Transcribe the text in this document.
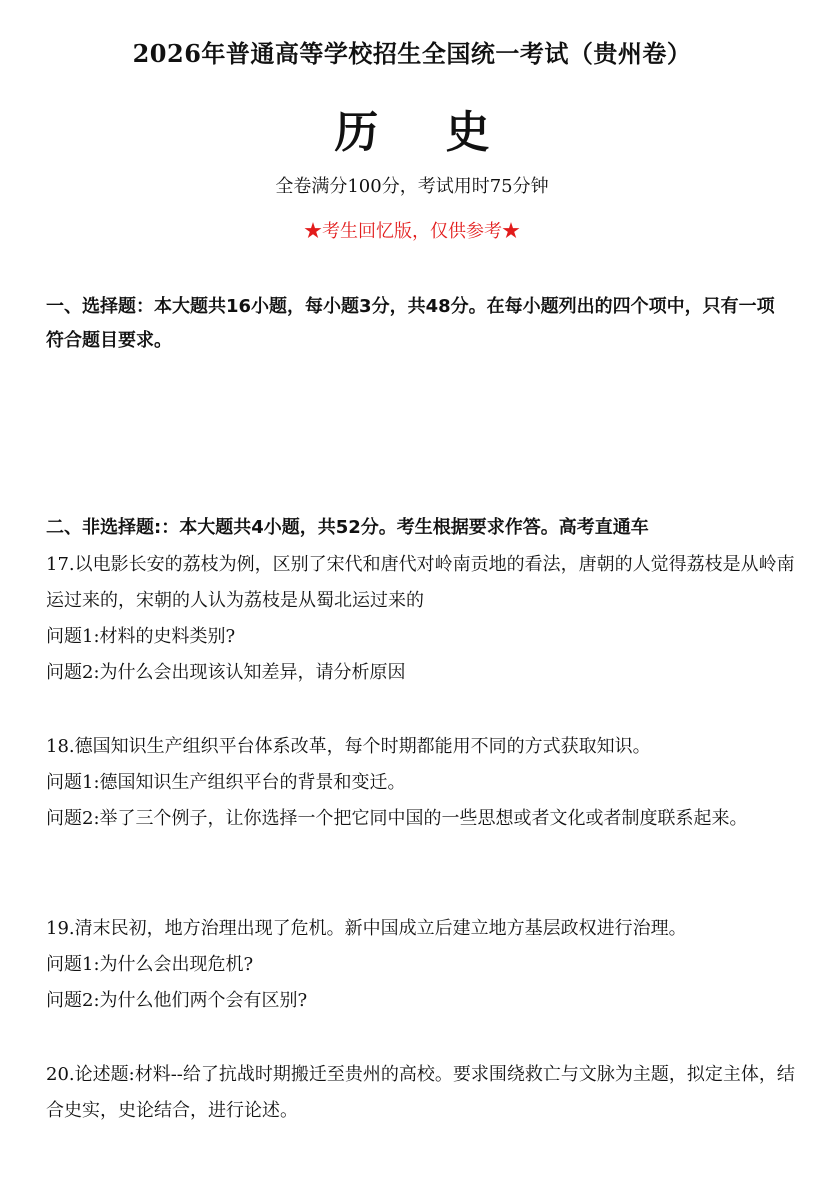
2026年普通高等学校招生全国统一考试（贵州卷）
历 史
全卷满分100分，考试用时75分钟
★考生回忆版，仅供参考★
一、选择题：本大题共16小题，每小题3分，共48分。在每小题列出的四个项中，只有一项符合题目要求。
二、非选择题:：本大题共4小题，共52分。考生根据要求作答。高考直通车
17.以电影长安的荔枝为例，区别了宋代和唐代对岭南贡地的看法，唐朝的人觉得荔枝是从岭南运过来的，宋朝的人认为荔枝是从蜀北运过来的
问题1:材料的史料类别?
问题2:为什么会出现该认知差异，请分析原因
18.德国知识生产组织平台体系改革，每个时期都能用不同的方式获取知识。
问题1:德国知识生产组织平台的背景和变迁。
问题2:举了三个例子，让你选择一个把它同中国的一些思想或者文化或者制度联系起来。
19.清末民初，地方治理出现了危机。新中国成立后建立地方基层政权进行治理。
问题1:为什么会出现危机?
问题2:为什么他们两个会有区别?
20.论述题:材料--给了抗战时期搬迁至贵州的高校。要求围绕救亡与文脉为主题，拟定主体，结合史实，史论结合，进行论述。
